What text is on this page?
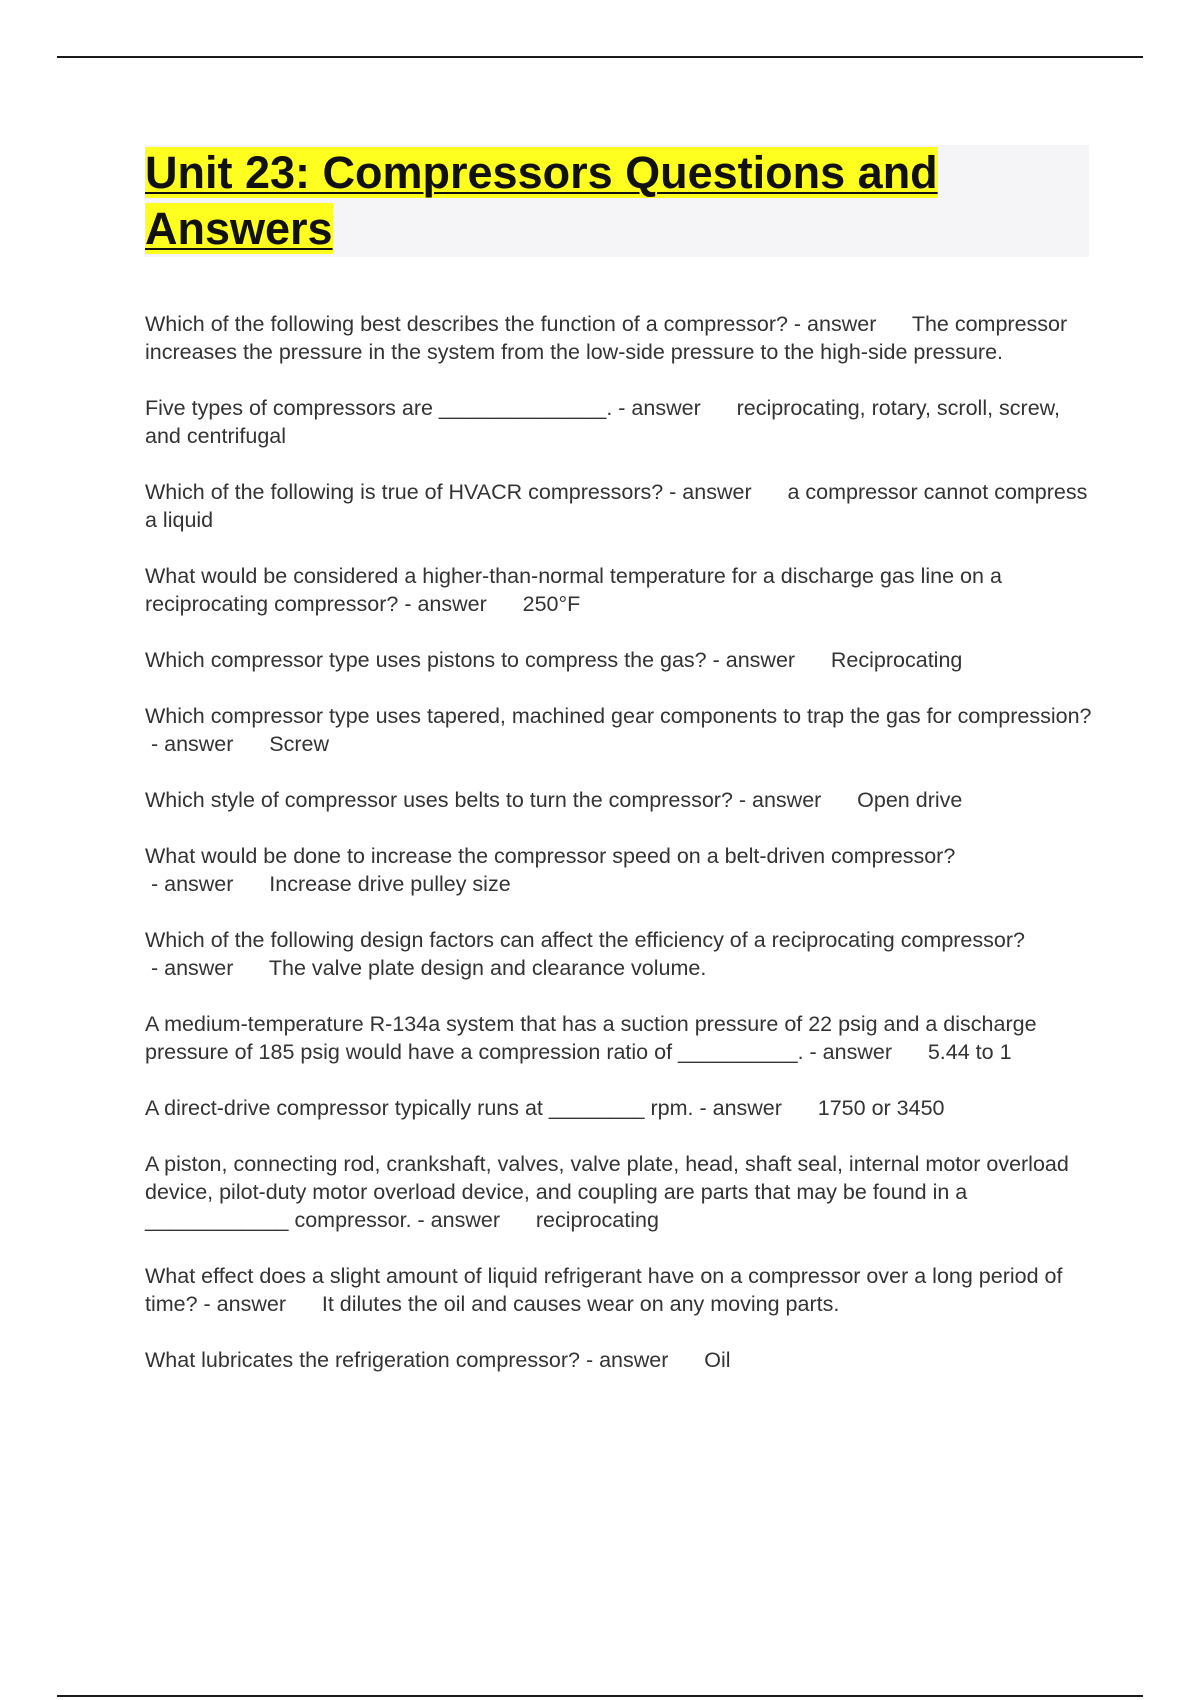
Unit 23: Compressors Questions and Answers

Which of the following best describes the function of a compressor? - answer      The compressor increases the pressure in the system from the low-side pressure to the high-side pressure.

Five types of compressors are ______________. - answer      reciprocating, rotary, scroll, screw, and centrifugal

Which of the following is true of HVACR compressors? - answer      a compressor cannot compress a liquid

What would be considered a higher-than-normal temperature for a discharge gas line on a reciprocating compressor? - answer      250°F

Which compressor type uses pistons to compress the gas? - answer      Reciprocating

Which compressor type uses tapered, machined gear components to trap the gas for compression? - answer      Screw

Which style of compressor uses belts to turn the compressor? - answer      Open drive

What would be done to increase the compressor speed on a belt-driven compressor? - answer      Increase drive pulley size

Which of the following design factors can affect the efficiency of a reciprocating compressor? - answer      The valve plate design and clearance volume.

A medium-temperature R-134a system that has a suction pressure of 22 psig and a discharge pressure of 185 psig would have a compression ratio of __________. - answer      5.44 to 1

A direct-drive compressor typically runs at ________ rpm. - answer      1750 or 3450

A piston, connecting rod, crankshaft, valves, valve plate, head, shaft seal, internal motor overload device, pilot-duty motor overload device, and coupling are parts that may be found in a ____________ compressor. - answer      reciprocating

What effect does a slight amount of liquid refrigerant have on a compressor over a long period of time? - answer      It dilutes the oil and causes wear on any moving parts.

What lubricates the refrigeration compressor? - answer      Oil
